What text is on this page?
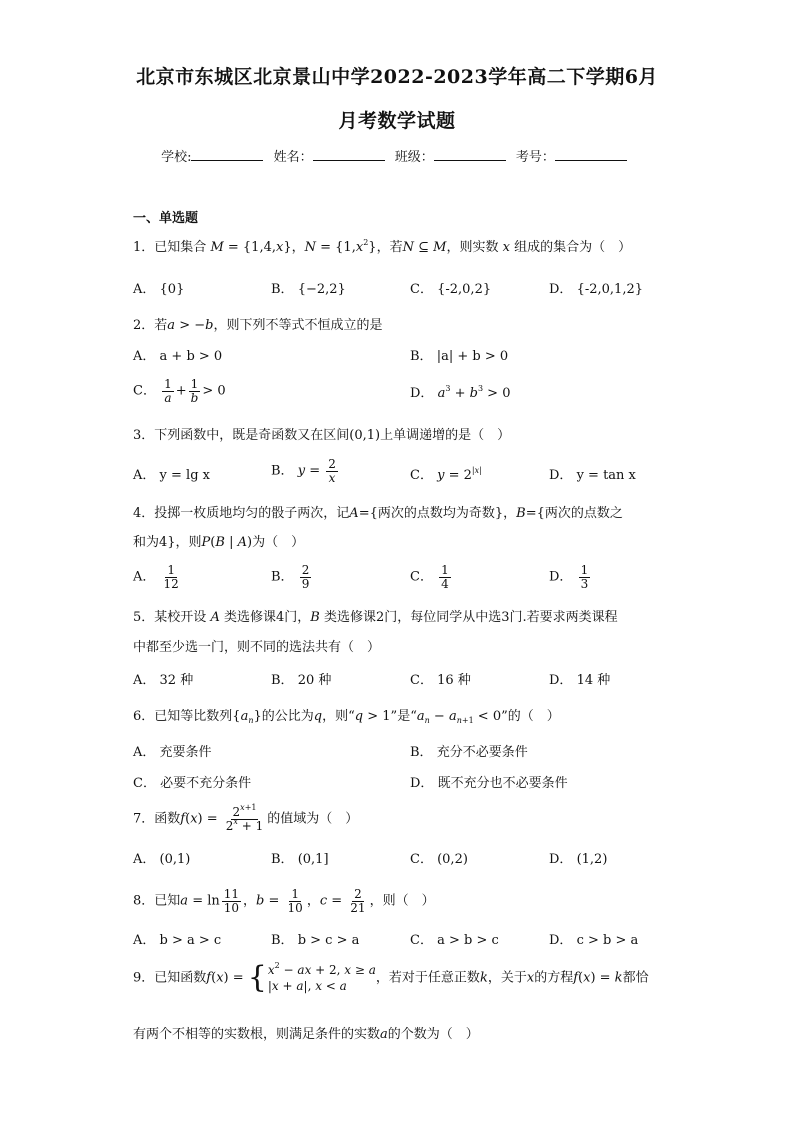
北京市东城区北京景山中学2022-2023学年高二下学期6月
月考数学试题
学校:	姓名：	班级：	考号：
一、单选题
1．已知集合 M = {1,4,x}，$N = \{1,x^2\}$，若N ⊆ M，则实数 x 组成的集合为（　）
A． {0}	B． {−2,2}	C． {-2,0,2}	D． {-2,0,1,2}
2．若a > −b，则下列不等式不恒成立的是
A． a + b > 0	B． |a| + b > 0
C． $\frac{1}{a} + \frac{1}{b} > 0$	D． $a^3 + b^3 > 0$
3．下列函数中，既是奇函数又在区间(0,1)上单调递增的是（　）
A． y = lg x	B． $y = \frac{2}{x}$	C． $y = 2^{|x|}$	D． y = tan x
4．投掷一枚质地均匀的骰子两次，记A={两次的点数均为奇数}，B={两次的点数之
和为4}，则P(B | A)为（　）
A． $\frac{1}{12}$	B． $\frac{2}{9}$	C． $\frac{1}{4}$	D． $\frac{1}{3}$
5．某校开设 A 类选修课4门，B 类选修课2门，每位同学从中选3门.若要求两类课程
中都至少选一门，则不同的选法共有（　）
A． 32 种	B． 20 种	C． 16 种	D． 14 种
6．已知等比数列$\{a_n\}$的公比为q，则“q > 1”是“$a_n - a_{n+1} < 0$”的（　）
A． 充要条件	B． 充分不必要条件
C． 必要不充分条件	D． 既不充分也不必要条件
7．函数$f(x) = \frac{2^{x+1}}{2^x + 1}$ 的值域为（　）
A． (0,1)	B． (0,1]	C． (0,2)	D． (1,2)
8．已知$a = \ln \frac{11}{10}$ ，$b = \frac{1}{10}$ ，$c = \frac{2}{21}$ ，则（　）
A． b > a > c	B． b > c > a	C． a > b > c	D． c > b > a
9．已知函数f(x) = { $x^2$ − ax + 2, x ≥ a
|x + a|, x < a
，若对于任意正数k，关于x的方程f(x) = k都恰
有两个不相等的实数根，则满足条件的实数a的个数为（　）
